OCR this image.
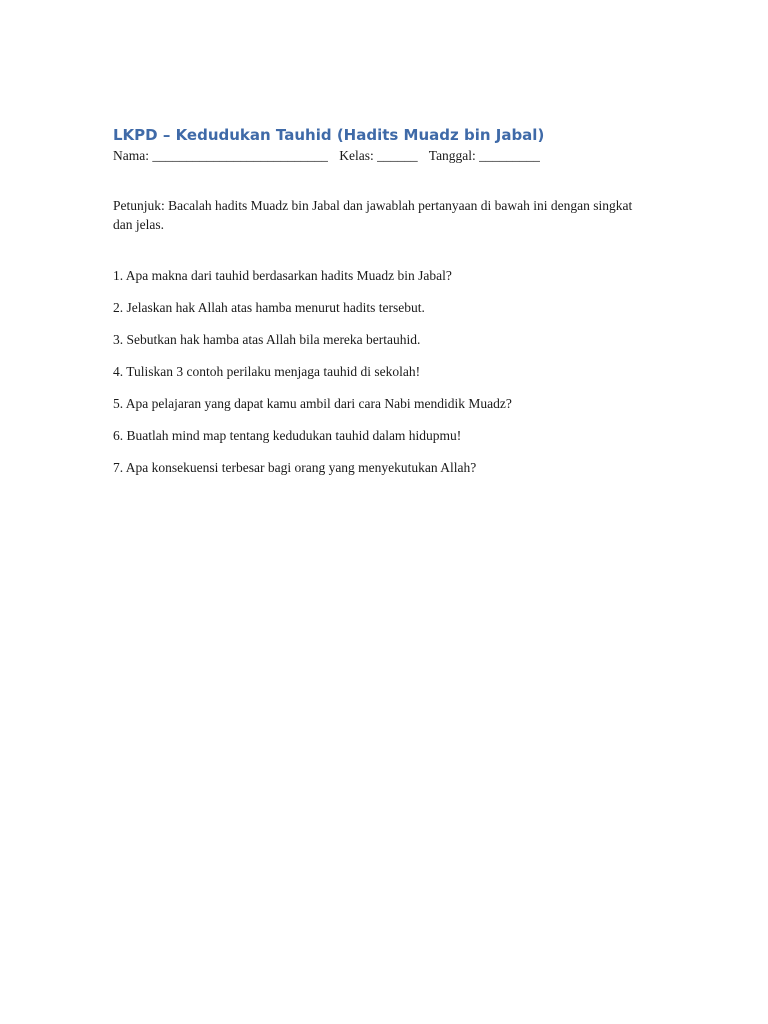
LKPD – Kedudukan Tauhid (Hadits Muadz bin Jabal)

Nama: __________________________ Kelas: ______ Tanggal: _________

Petunjuk: Bacalah hadits Muadz bin Jabal dan jawablah pertanyaan di bawah ini dengan singkat dan jelas.

1. Apa makna dari tauhid berdasarkan hadits Muadz bin Jabal?
2. Jelaskan hak Allah atas hamba menurut hadits tersebut.
3. Sebutkan hak hamba atas Allah bila mereka bertauhid.
4. Tuliskan 3 contoh perilaku menjaga tauhid di sekolah!
5. Apa pelajaran yang dapat kamu ambil dari cara Nabi mendidik Muadz?
6. Buatlah mind map tentang kedudukan tauhid dalam hidupmu!
7. Apa konsekuensi terbesar bagi orang yang menyekutukan Allah?
